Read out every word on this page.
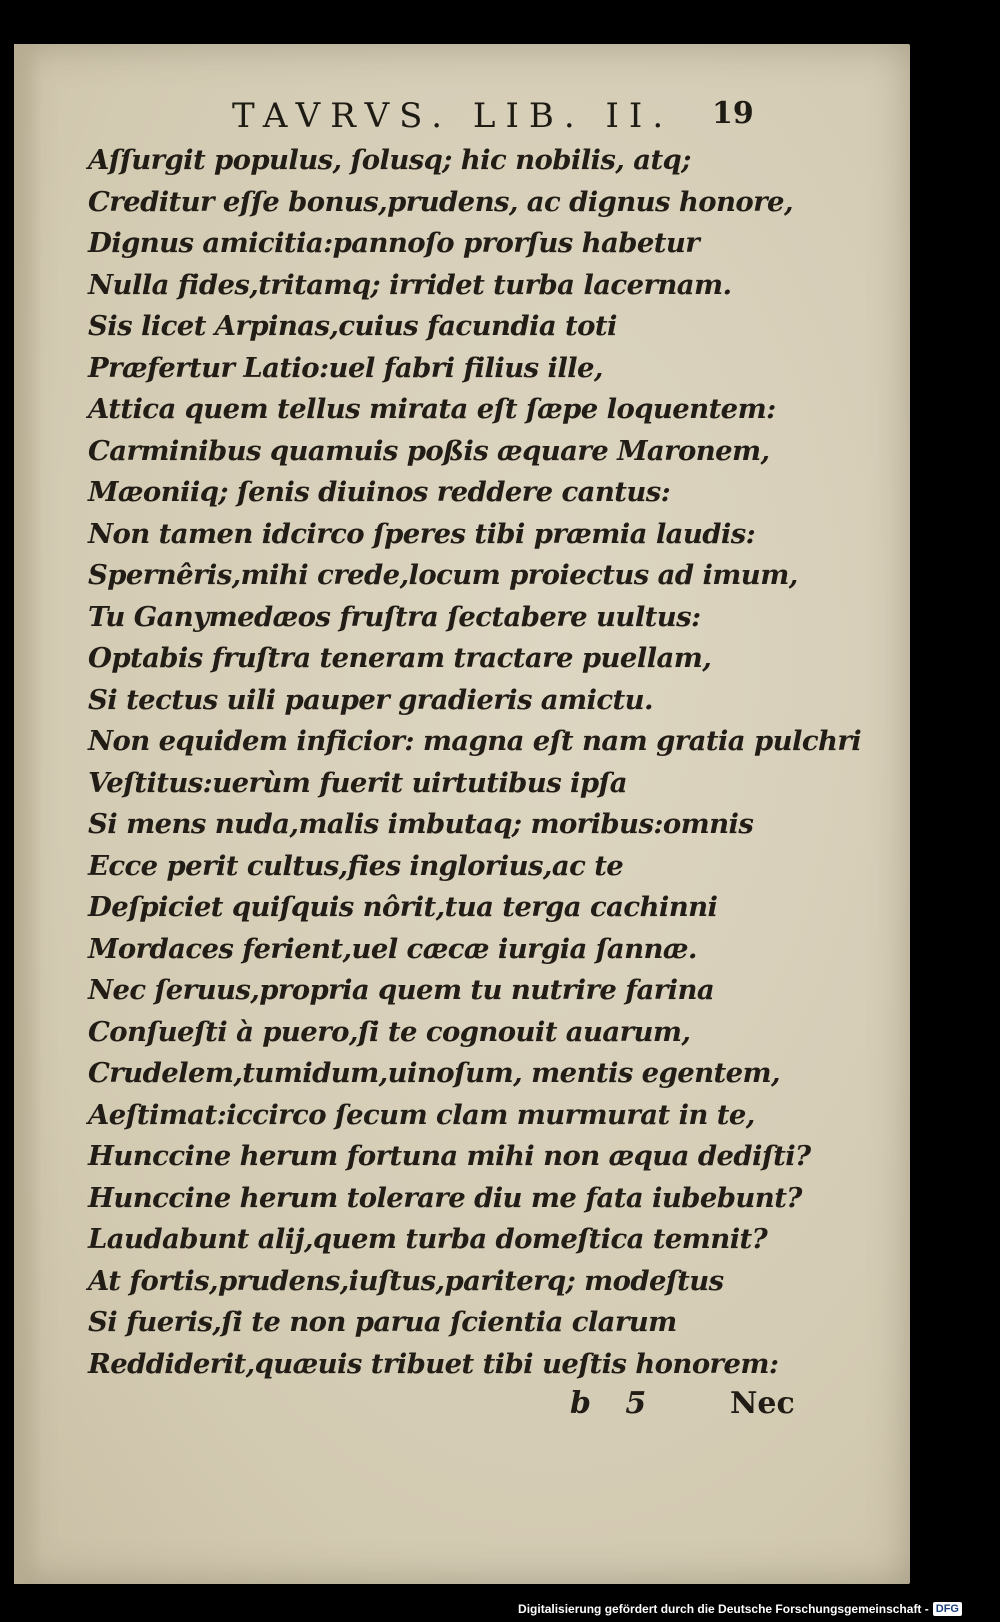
TAVRVS. LIB. II. 19
Aſſurgit populus, ſolusq; hic nobilis, atq;
Creditur eſſe bonus,prudens, ac dignus honore,
Dignus amicitia:pannoſo prorſus habetur
Nulla fides,tritamq; irridet turba lacernam.
Sis licet Arpinas,cuius facundia toti
Præfertur Latio:uel fabri filius ille,
Attica quem tellus mirata eſt ſæpe loquentem:
Carminibus quamuis poßis æquare Maronem,
Mæoniiq; ſenis diuinos reddere cantus:
Non tamen idcirco ſperes tibi præmia laudis:
Spernêris,mihi crede,locum proiectus ad imum,
Tu Ganymedæos fruſtra ſectabere uultus:
Optabis fruſtra teneram tractare puellam,
Si tectus uili pauper gradieris amictu.
Non equidem inficior: magna eſt nam gratia pulchri
Veſtitus:uerùm fuerit uirtutibus ipſa
Si mens nuda,malis imbutaq; moribus:omnis
Ecce perit cultus,fies inglorius,ac te
Deſpiciet quiſquis nôrit,tua terga cachinni
Mordaces ferient,uel cæcæ iurgia ſannæ.
Nec ſeruus,propria quem tu nutrire farina
Conſueſti à puero,ſi te cognouit auarum,
Crudelem,tumidum,uinoſum, mentis egentem,
Aeſtimat:iccirco ſecum clam murmurat in te,
Hunccine herum fortuna mihi non æqua dediſti?
Hunccine herum tolerare diu me fata iubebunt?
Laudabunt alij,quem turba domeſtica temnit?
At fortis,prudens,iuſtus,pariterq; modeſtus
Si fueris,ſi te non parua ſcientia clarum
Reddiderit,quæuis tribuet tibi ueſtis honorem:
b 5	Nec
Digitalisierung gefördert durch die Deutsche Forschungsgemeinschaft - DFG
